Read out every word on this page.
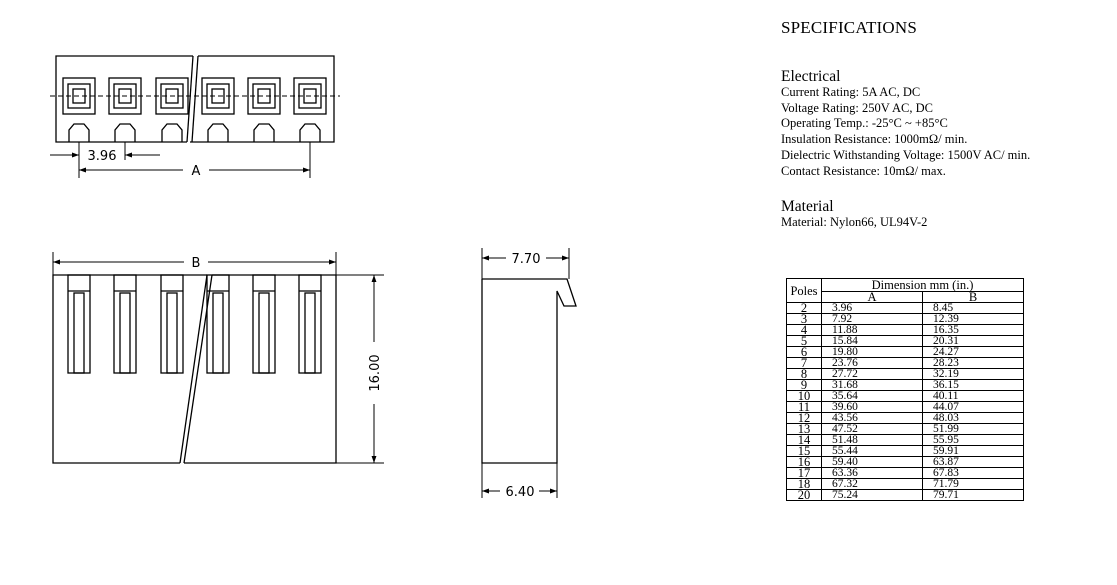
3.96
A
B
16.00
7.70
6.40
SPECIFICATIONS
Electrical
Current Rating: 5A AC, DC
Voltage Rating: 250V AC, DC
Operating Temp.: -25°C ~ +85°C
Insulation Resistance: 1000mΩ/ min.
Dielectric Withstanding Voltage: 1500V AC/ min.
Contact Resistance: 10mΩ/ max.
Material
Material: Nylon66, UL94V-2
Poles	Dimension mm (in.)	
	A	B
2	3.96	8.45
3	7.92	12.39
4	11.88	16.35
5	15.84	20.31
6	19.80	24.27
7	23.76	28.23
8	27.72	32.19
9	31.68	36.15
10	35.64	40.11
11	39.60	44.07
12	43.56	48.03
13	47.52	51.99
14	51.48	55.95
15	55.44	59.91
16	59.40	63.87
17	63.36	67.83
18	67.32	71.79
20	75.24	79.71
